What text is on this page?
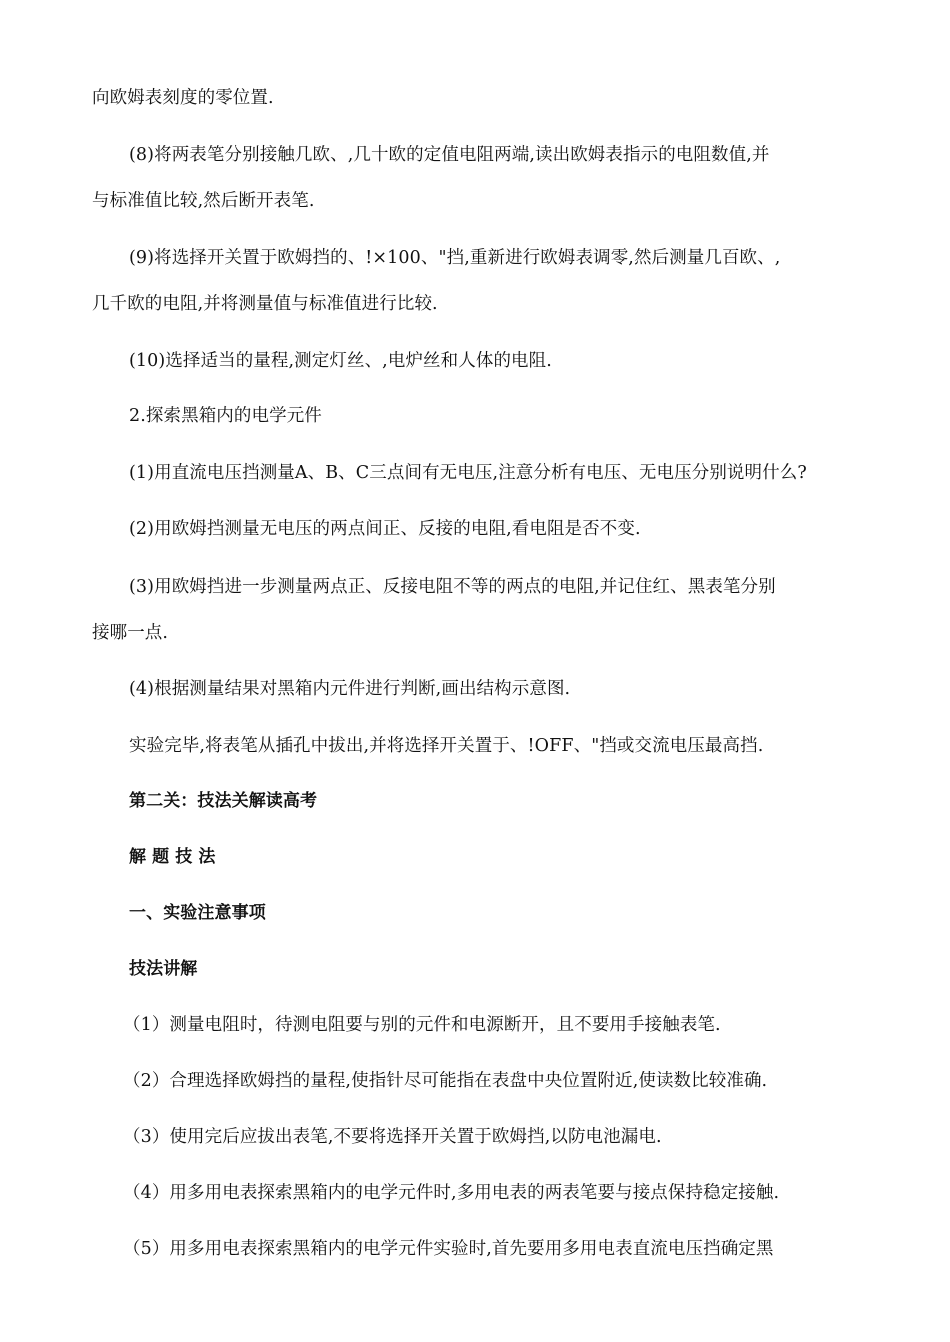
向欧姆表刻度的零位置.
(8)将两表笔分别接触几欧、,几十欧的定值电阻两端,读出欧姆表指示的电阻数值,并
与标准值比较,然后断开表笔.
(9)将选择开关置于欧姆挡的、!×100、"挡,重新进行欧姆表调零,然后测量几百欧、,
几千欧的电阻,并将测量值与标准值进行比较.
(10)选择适当的量程,测定灯丝、,电炉丝和人体的电阻.
2.探索黑箱内的电学元件
(1)用直流电压挡测量A、B、C三点间有无电压,注意分析有电压、无电压分别说明什么?
(2)用欧姆挡测量无电压的两点间正、反接的电阻,看电阻是否不变.
(3)用欧姆挡进一步测量两点正、反接电阻不等的两点的电阻,并记住红、黑表笔分别
接哪一点.
(4)根据测量结果对黑箱内元件进行判断,画出结构示意图.
实验完毕,将表笔从插孔中拔出,并将选择开关置于、!OFF、"挡或交流电压最高挡.
第二关：技法关解读高考
解 题 技 法
一、实验注意事项
技法讲解
（1）测量电阻时，待测电阻要与别的元件和电源断开，且不要用手接触表笔.
（2）合理选择欧姆挡的量程,使指针尽可能指在表盘中央位置附近,使读数比较准确.
（3）使用完后应拔出表笔,不要将选择开关置于欧姆挡,以防电池漏电.
（4）用多用电表探索黑箱内的电学元件时,多用电表的两表笔要与接点保持稳定接触.
（5）用多用电表探索黑箱内的电学元件实验时,首先要用多用电表直流电压挡确定黑
